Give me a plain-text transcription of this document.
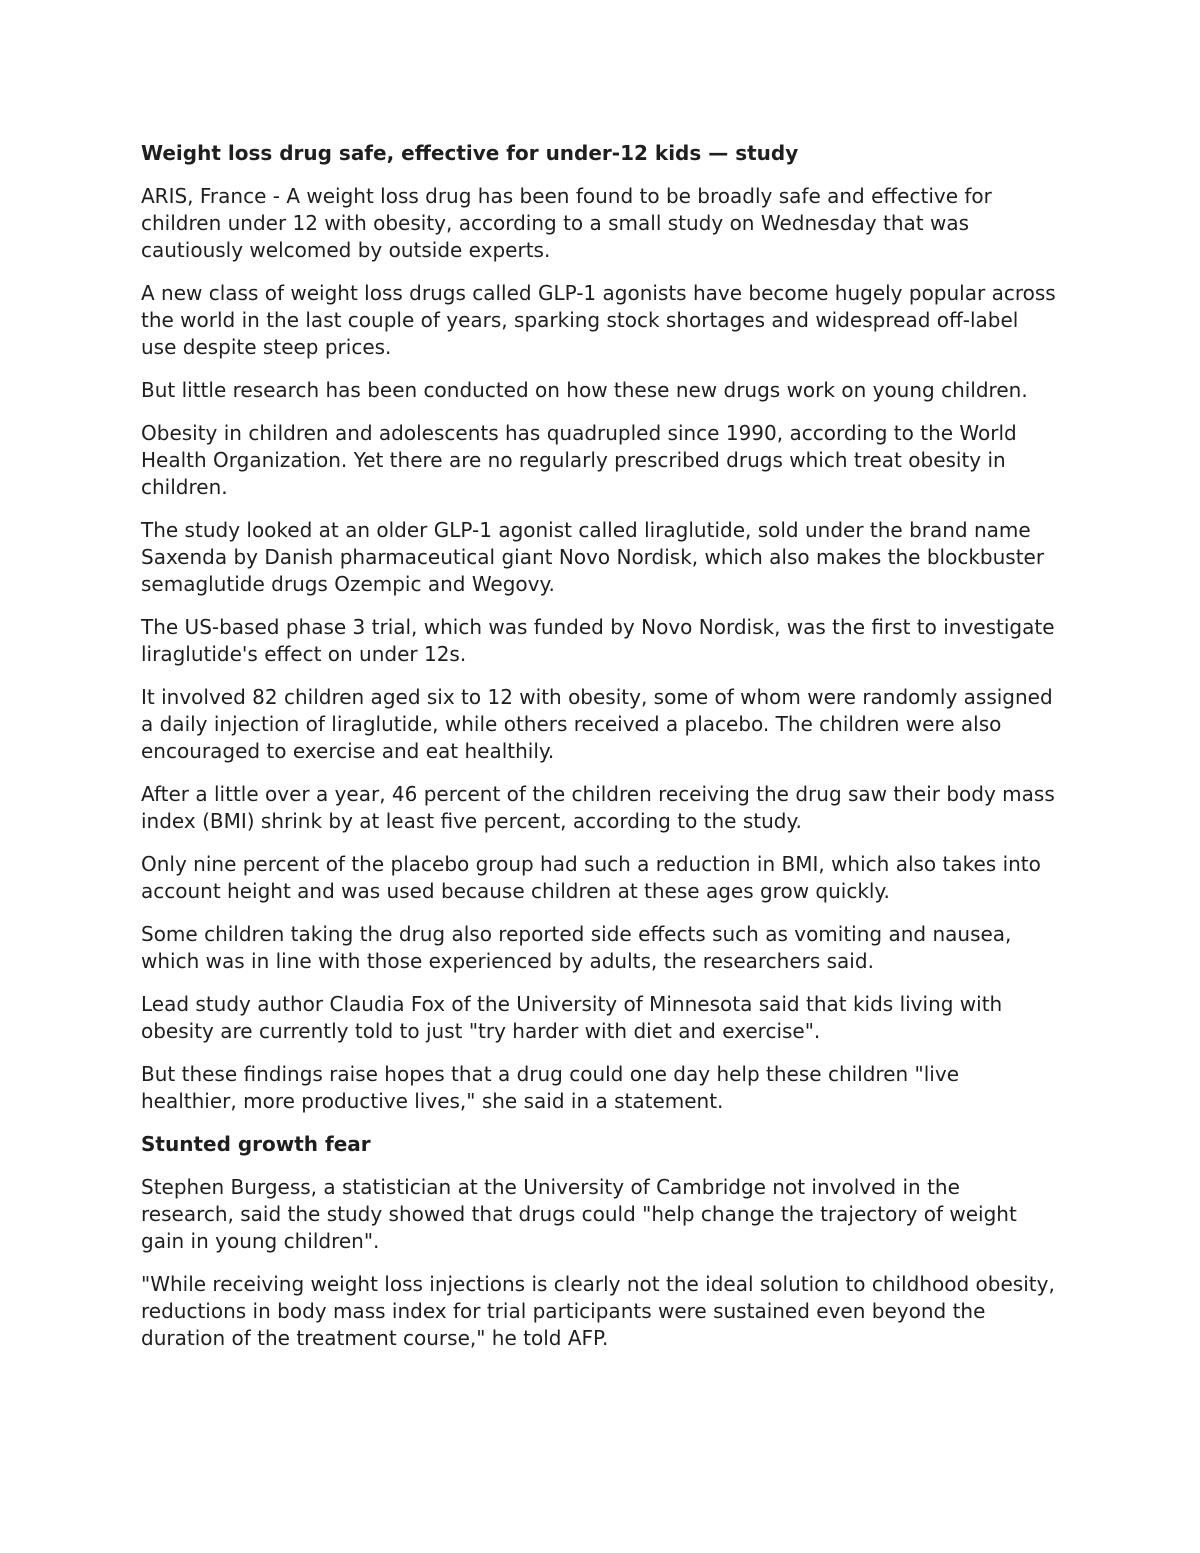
Weight loss drug safe, effective for under-12 kids — study

ARIS, France - A weight loss drug has been found to be broadly safe and effective for children under 12 with obesity, according to a small study on Wednesday that was cautiously welcomed by outside experts.

A new class of weight loss drugs called GLP-1 agonists have become hugely popular across the world in the last couple of years, sparking stock shortages and widespread off-label use despite steep prices.

But little research has been conducted on how these new drugs work on young children.

Obesity in children and adolescents has quadrupled since 1990, according to the World Health Organization. Yet there are no regularly prescribed drugs which treat obesity in children.

The study looked at an older GLP-1 agonist called liraglutide, sold under the brand name Saxenda by Danish pharmaceutical giant Novo Nordisk, which also makes the blockbuster semaglutide drugs Ozempic and Wegovy.

The US-based phase 3 trial, which was funded by Novo Nordisk, was the first to investigate liraglutide's effect on under 12s.

It involved 82 children aged six to 12 with obesity, some of whom were randomly assigned a daily injection of liraglutide, while others received a placebo. The children were also encouraged to exercise and eat healthily.

After a little over a year, 46 percent of the children receiving the drug saw their body mass index (BMI) shrink by at least five percent, according to the study.

Only nine percent of the placebo group had such a reduction in BMI, which also takes into account height and was used because children at these ages grow quickly.

Some children taking the drug also reported side effects such as vomiting and nausea, which was in line with those experienced by adults, the researchers said.

Lead study author Claudia Fox of the University of Minnesota said that kids living with obesity are currently told to just "try harder with diet and exercise".

But these findings raise hopes that a drug could one day help these children "live healthier, more productive lives," she said in a statement.

Stunted growth fear

Stephen Burgess, a statistician at the University of Cambridge not involved in the research, said the study showed that drugs could "help change the trajectory of weight gain in young children".

"While receiving weight loss injections is clearly not the ideal solution to childhood obesity, reductions in body mass index for trial participants were sustained even beyond the duration of the treatment course," he told AFP.
